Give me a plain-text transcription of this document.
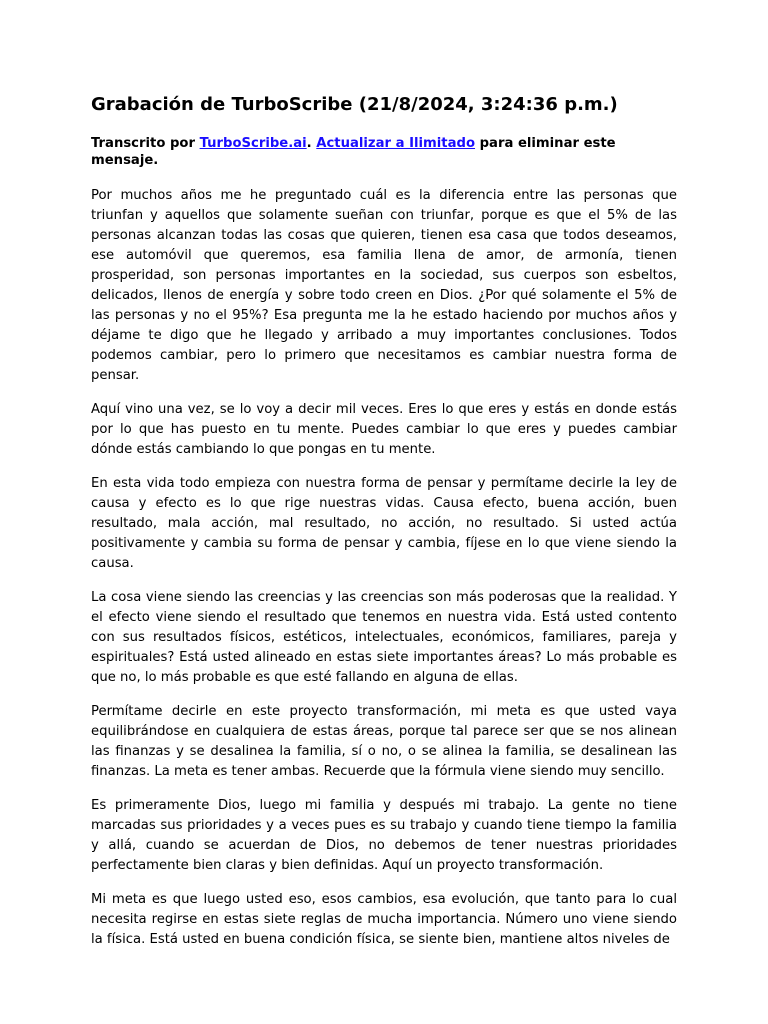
Grabación de TurboScribe (21/8/2024, 3:24:36 p.m.)
Transcrito por TurboScribe.ai. Actualizar a Ilimitado para eliminar este mensaje.

Por muchos años me he preguntado cuál es la diferencia entre las personas que triunfan y aquellos que solamente sueñan con triunfar, porque es que el 5% de las personas alcanzan todas las cosas que quieren, tienen esa casa que todos deseamos, ese automóvil que queremos, esa familia llena de amor, de armonía, tienen prosperidad, son personas importantes en la sociedad, sus cuerpos son esbeltos, delicados, llenos de energía y sobre todo creen en Dios. ¿Por qué solamente el 5% de las personas y no el 95%? Esa pregunta me la he estado haciendo por muchos años y déjame te digo que he llegado y arribado a muy importantes conclusiones. Todos podemos cambiar, pero lo primero que necesitamos es cambiar nuestra forma de pensar.

Aquí vino una vez, se lo voy a decir mil veces. Eres lo que eres y estás en donde estás por lo que has puesto en tu mente. Puedes cambiar lo que eres y puedes cambiar dónde estás cambiando lo que pongas en tu mente.

En esta vida todo empieza con nuestra forma de pensar y permítame decirle la ley de causa y efecto es lo que rige nuestras vidas. Causa efecto, buena acción, buen resultado, mala acción, mal resultado, no acción, no resultado. Si usted actúa positivamente y cambia su forma de pensar y cambia, fíjese en lo que viene siendo la causa.

La cosa viene siendo las creencias y las creencias son más poderosas que la realidad. Y el efecto viene siendo el resultado que tenemos en nuestra vida. Está usted contento con sus resultados físicos, estéticos, intelectuales, económicos, familiares, pareja y espirituales? Está usted alineado en estas siete importantes áreas? Lo más probable es que no, lo más probable es que esté fallando en alguna de ellas.

Permítame decirle en este proyecto transformación, mi meta es que usted vaya equilibrándose en cualquiera de estas áreas, porque tal parece ser que se nos alinean las finanzas y se desalinea la familia, sí o no, o se alinea la familia, se desalinean las finanzas. La meta es tener ambas. Recuerde que la fórmula viene siendo muy sencillo.

Es primeramente Dios, luego mi familia y después mi trabajo. La gente no tiene marcadas sus prioridades y a veces pues es su trabajo y cuando tiene tiempo la familia y allá, cuando se acuerdan de Dios, no debemos de tener nuestras prioridades perfectamente bien claras y bien definidas. Aquí un proyecto transformación.

Mi meta es que luego usted eso, esos cambios, esa evolución, que tanto para lo cual necesita regirse en estas siete reglas de mucha importancia. Número uno viene siendo la física. Está usted en buena condición física, se siente bien, mantiene altos niveles de
